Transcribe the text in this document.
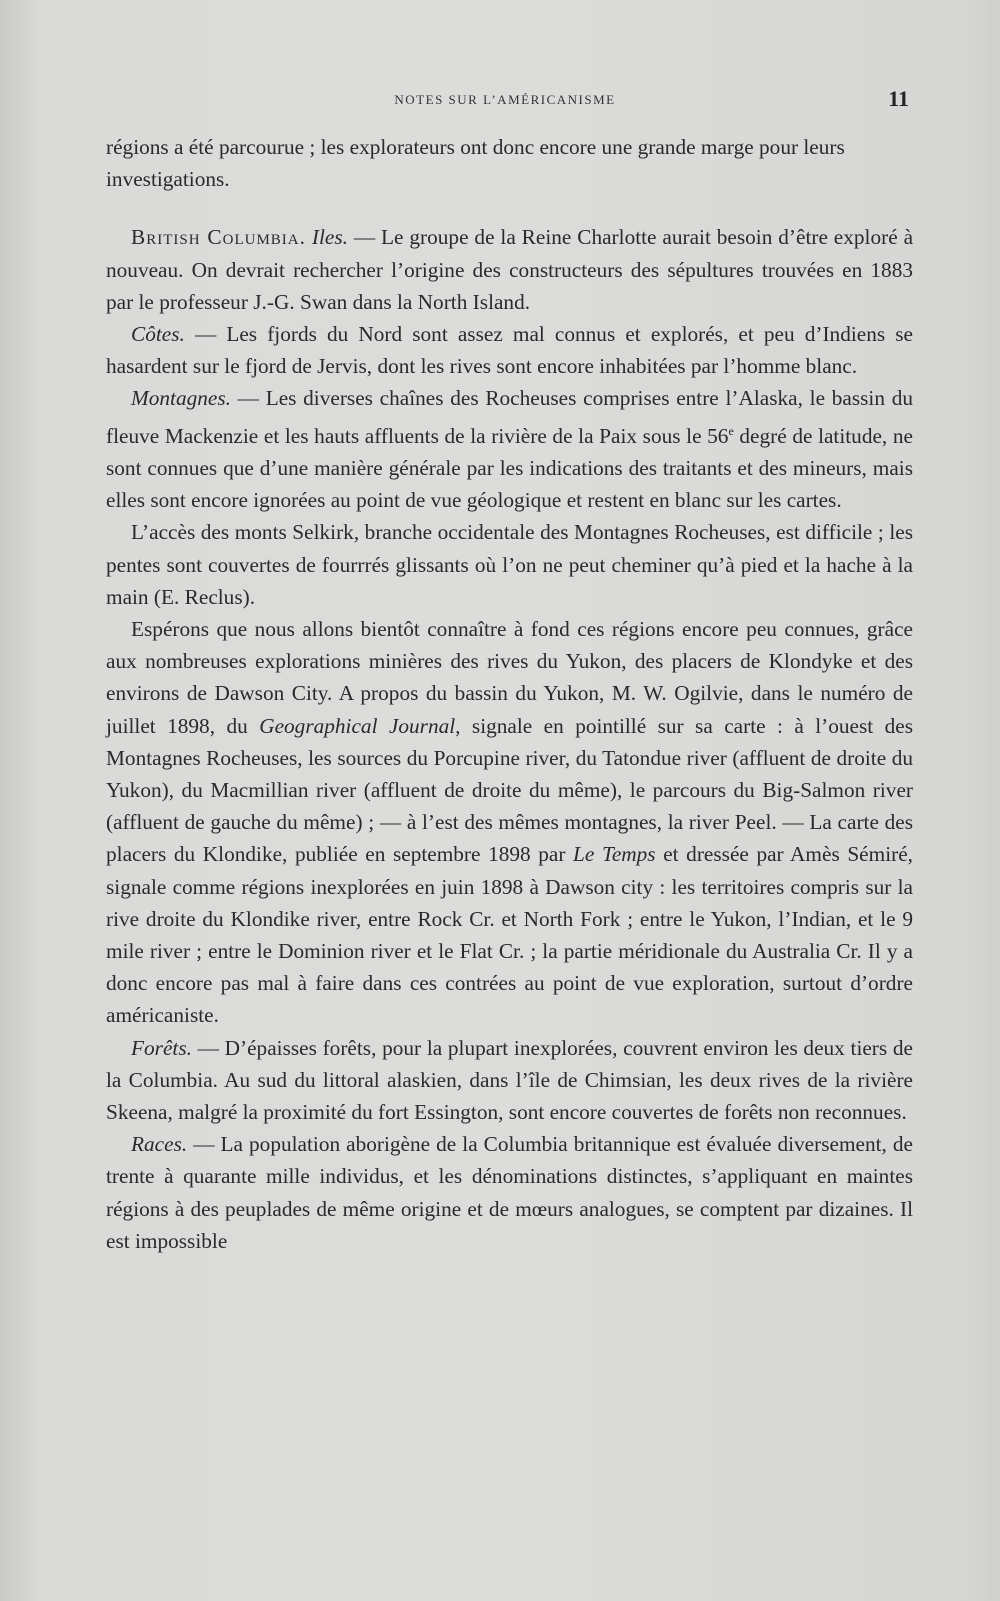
NOTES SUR L’AMÉRICANISME	11

régions a été parcourue ; les explorateurs ont donc encore une grande marge pour leurs investigations.

British Columbia. Iles. — Le groupe de la Reine Charlotte aurait besoin d’être exploré à nouveau. On devrait rechercher l’origine des constructeurs des sépultures trouvées en 1883 par le professeur J.-G. Swan dans la North Island.

Côtes. — Les fjords du Nord sont assez mal connus et explorés, et peu d’Indiens se hasardent sur le fjord de Jervis, dont les rives sont encore inhabitées par l’homme blanc.

Montagnes. — Les diverses chaînes des Rocheuses comprises entre l’Alaska, le bassin du fleuve Mackenzie et les hauts affluents de la rivière de la Paix sous le 56e degré de latitude, ne sont connues que d’une manière générale par les indications des traitants et des mineurs, mais elles sont encore ignorées au point de vue géologique et restent en blanc sur les cartes.

L’accès des monts Selkirk, branche occidentale des Montagnes Rocheuses, est difficile ; les pentes sont couvertes de fourrrés glissants où l’on ne peut cheminer qu’à pied et la hache à la main (E. Reclus).

Espérons que nous allons bientôt connaître à fond ces régions encore peu connues, grâce aux nombreuses explorations minières des rives du Yukon, des placers de Klondyke et des environs de Dawson City. A propos du bassin du Yukon, M. W. Ogilvie, dans le numéro de juillet 1898, du Geographical Journal, signale en pointillé sur sa carte : à l’ouest des Montagnes Rocheuses, les sources du Porcupine river, du Tatondue river (affluent de droite du Yukon), du Macmillian river (affluent de droite du même), le parcours du Big-Salmon river (affluent de gauche du même) ; — à l’est des mêmes montagnes, la river Peel. — La carte des placers du Klondike, publiée en septembre 1898 par Le Temps et dressée par Amès Sémiré, signale comme régions inexplorées en juin 1898 à Dawson city : les territoires compris sur la rive droite du Klondike river, entre Rock Cr. et North Fork ; entre le Yukon, l’Indian, et le 9 mile river ; entre le Dominion river et le Flat Cr. ; la partie méridionale du Australia Cr. Il y a donc encore pas mal à faire dans ces contrées au point de vue exploration, surtout d’ordre américaniste.

Forêts. — D’épaisses forêts, pour la plupart inexplorées, couvrent environ les deux tiers de la Columbia. Au sud du littoral alaskien, dans l’île de Chimsian, les deux rives de la rivière Skeena, malgré la proximité du fort Essington, sont encore couvertes de forêts non reconnues.

Races. — La population aborigène de la Columbia britannique est évaluée diversement, de trente à quarante mille individus, et les dénominations distinctes, s’appliquant en maintes régions à des peuplades de même origine et de mœurs analogues, se comptent par dizaines. Il est impossible
